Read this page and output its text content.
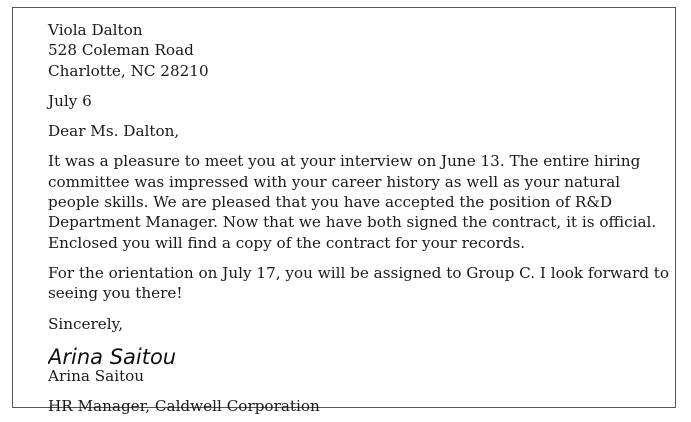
Viola Dalton
528 Coleman Road
Charlotte, NC 28210
July 6
Dear Ms. Dalton,

It was a pleasure to meet you at your interview on June 13. The entire hiring committee was impressed with your career history as well as your natural people skills. We are pleased that you have accepted the position of R&D Department Manager. Now that we have both signed the contract, it is official. Enclosed you will find a copy of the contract for your records.

For the orientation on July 17, you will be assigned to Group C. I look forward to seeing you there!

Sincerely,
Arina Saitou
Arina Saitou
HR Manager, Caldwell Corporation
